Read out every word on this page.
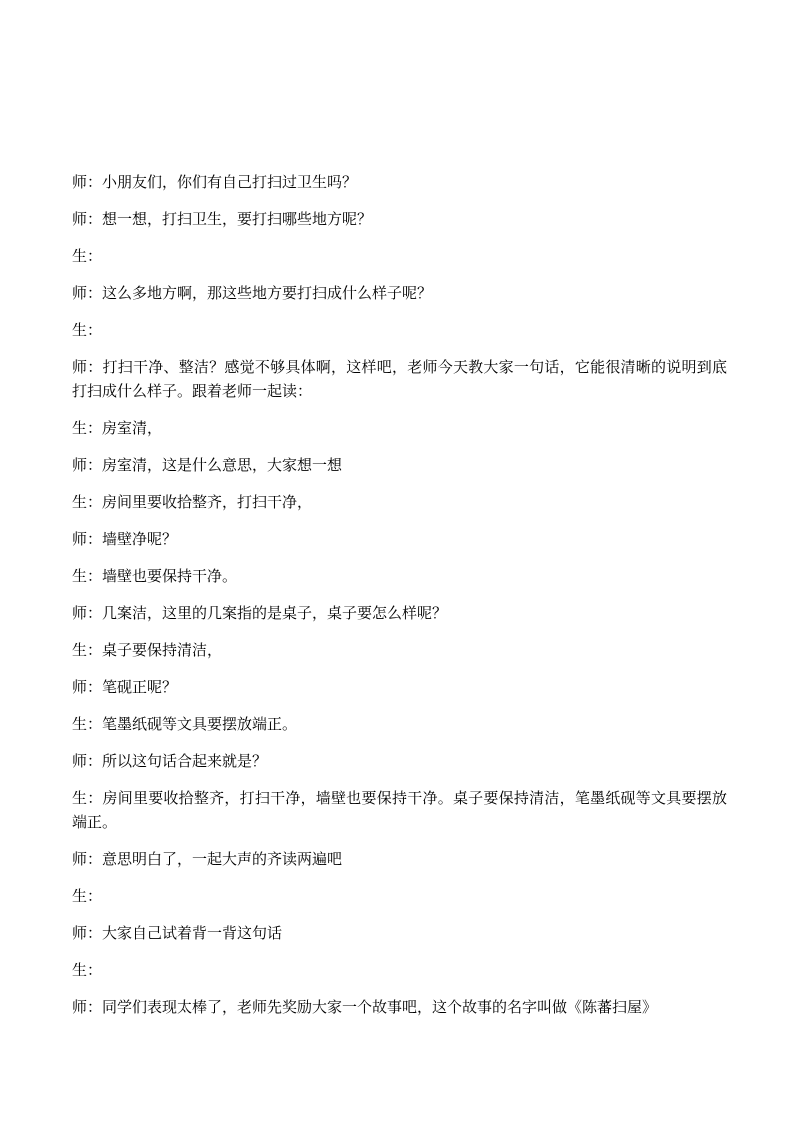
师：小朋友们，你们有自己打扫过卫生吗？

师：想一想，打扫卫生，要打扫哪些地方呢？

生：

师：这么多地方啊，那这些地方要打扫成什么样子呢？

生：

师：打扫干净、整洁？感觉不够具体啊，这样吧，老师今天教大家一句话，它能很清晰的说明到底打扫成什么样子。跟着老师一起读：

生：房室清，

师：房室清，这是什么意思，大家想一想

生：房间里要收拾整齐，打扫干净，

师：墙壁净呢？

生：墙壁也要保持干净。

师：几案洁，这里的几案指的是桌子，桌子要怎么样呢？

生：桌子要保持清洁，

师：笔砚正呢？

生：笔墨纸砚等文具要摆放端正。

师：所以这句话合起来就是？

生：房间里要收拾整齐，打扫干净，墙壁也要保持干净。桌子要保持清洁，笔墨纸砚等文具要摆放端正。

师：意思明白了，一起大声的齐读两遍吧

生：

师：大家自己试着背一背这句话

生：

师：同学们表现太棒了，老师先奖励大家一个故事吧，这个故事的名字叫做《陈蕃扫屋》
